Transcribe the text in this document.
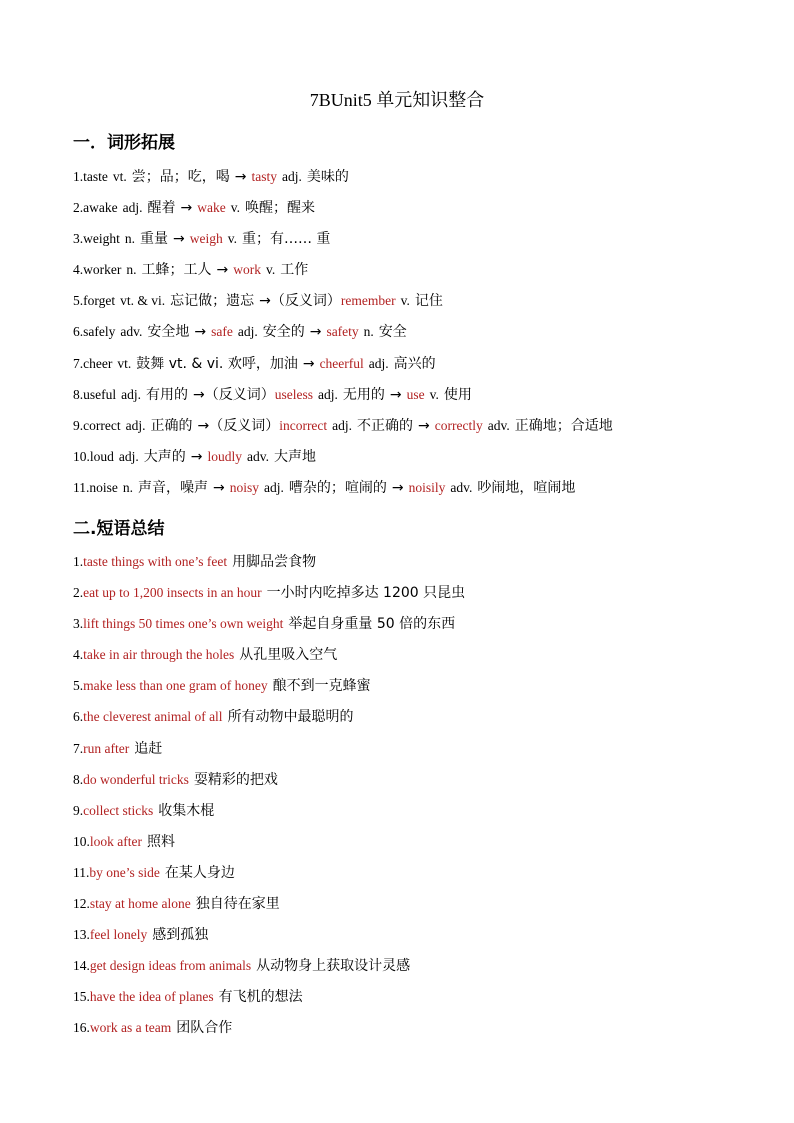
7BUnit5 单元知识整合
一．词形拓展
1.taste vt. 尝；品；吃，喝 → tasty adj. 美味的
2.awake adj. 醒着 → wake v. 唤醒；醒来
3.weight n. 重量 → weigh v. 重；有…… 重
4.worker n. 工蜂；工人 → work v. 工作
5.forget vt. & vi. 忘记做；遗忘 →（反义词）remember v. 记住
6.safely adv. 安全地 → safe adj. 安全的 → safety n. 安全
7.cheer vt. 鼓舞 vt. & vi. 欢呼，加油 → cheerful adj. 高兴的
8.useful adj. 有用的 →（反义词）useless adj. 无用的 → use v. 使用
9.correct adj. 正确的 →（反义词）incorrect adj. 不正确的 → correctly adv. 正确地；合适地
10.loud adj. 大声的 → loudly adv. 大声地
11.noise n. 声音，噪声 → noisy adj. 嘈杂的；喧闹的 → noisily adv. 吵闹地，喧闹地
二.短语总结
1.taste things with one’s feet 用脚品尝食物
2.eat up to 1,200 insects in an hour 一小时内吃掉多达 1200 只昆虫
3.lift things 50 times one’s own weight 举起自身重量 50 倍的东西
4.take in air through the holes 从孔里吸入空气
5.make less than one gram of honey 酿不到一克蜂蜜
6.the cleverest animal of all 所有动物中最聪明的
7.run after 追赶
8.do wonderful tricks 耍精彩的把戏
9.collect sticks 收集木棍
10.look after 照料
11.by one’s side 在某人身边
12.stay at home alone 独自待在家里
13.feel lonely 感到孤独
14.get design ideas from animals 从动物身上获取设计灵感
15.have the idea of planes 有飞机的想法
16.work as a team 团队合作
